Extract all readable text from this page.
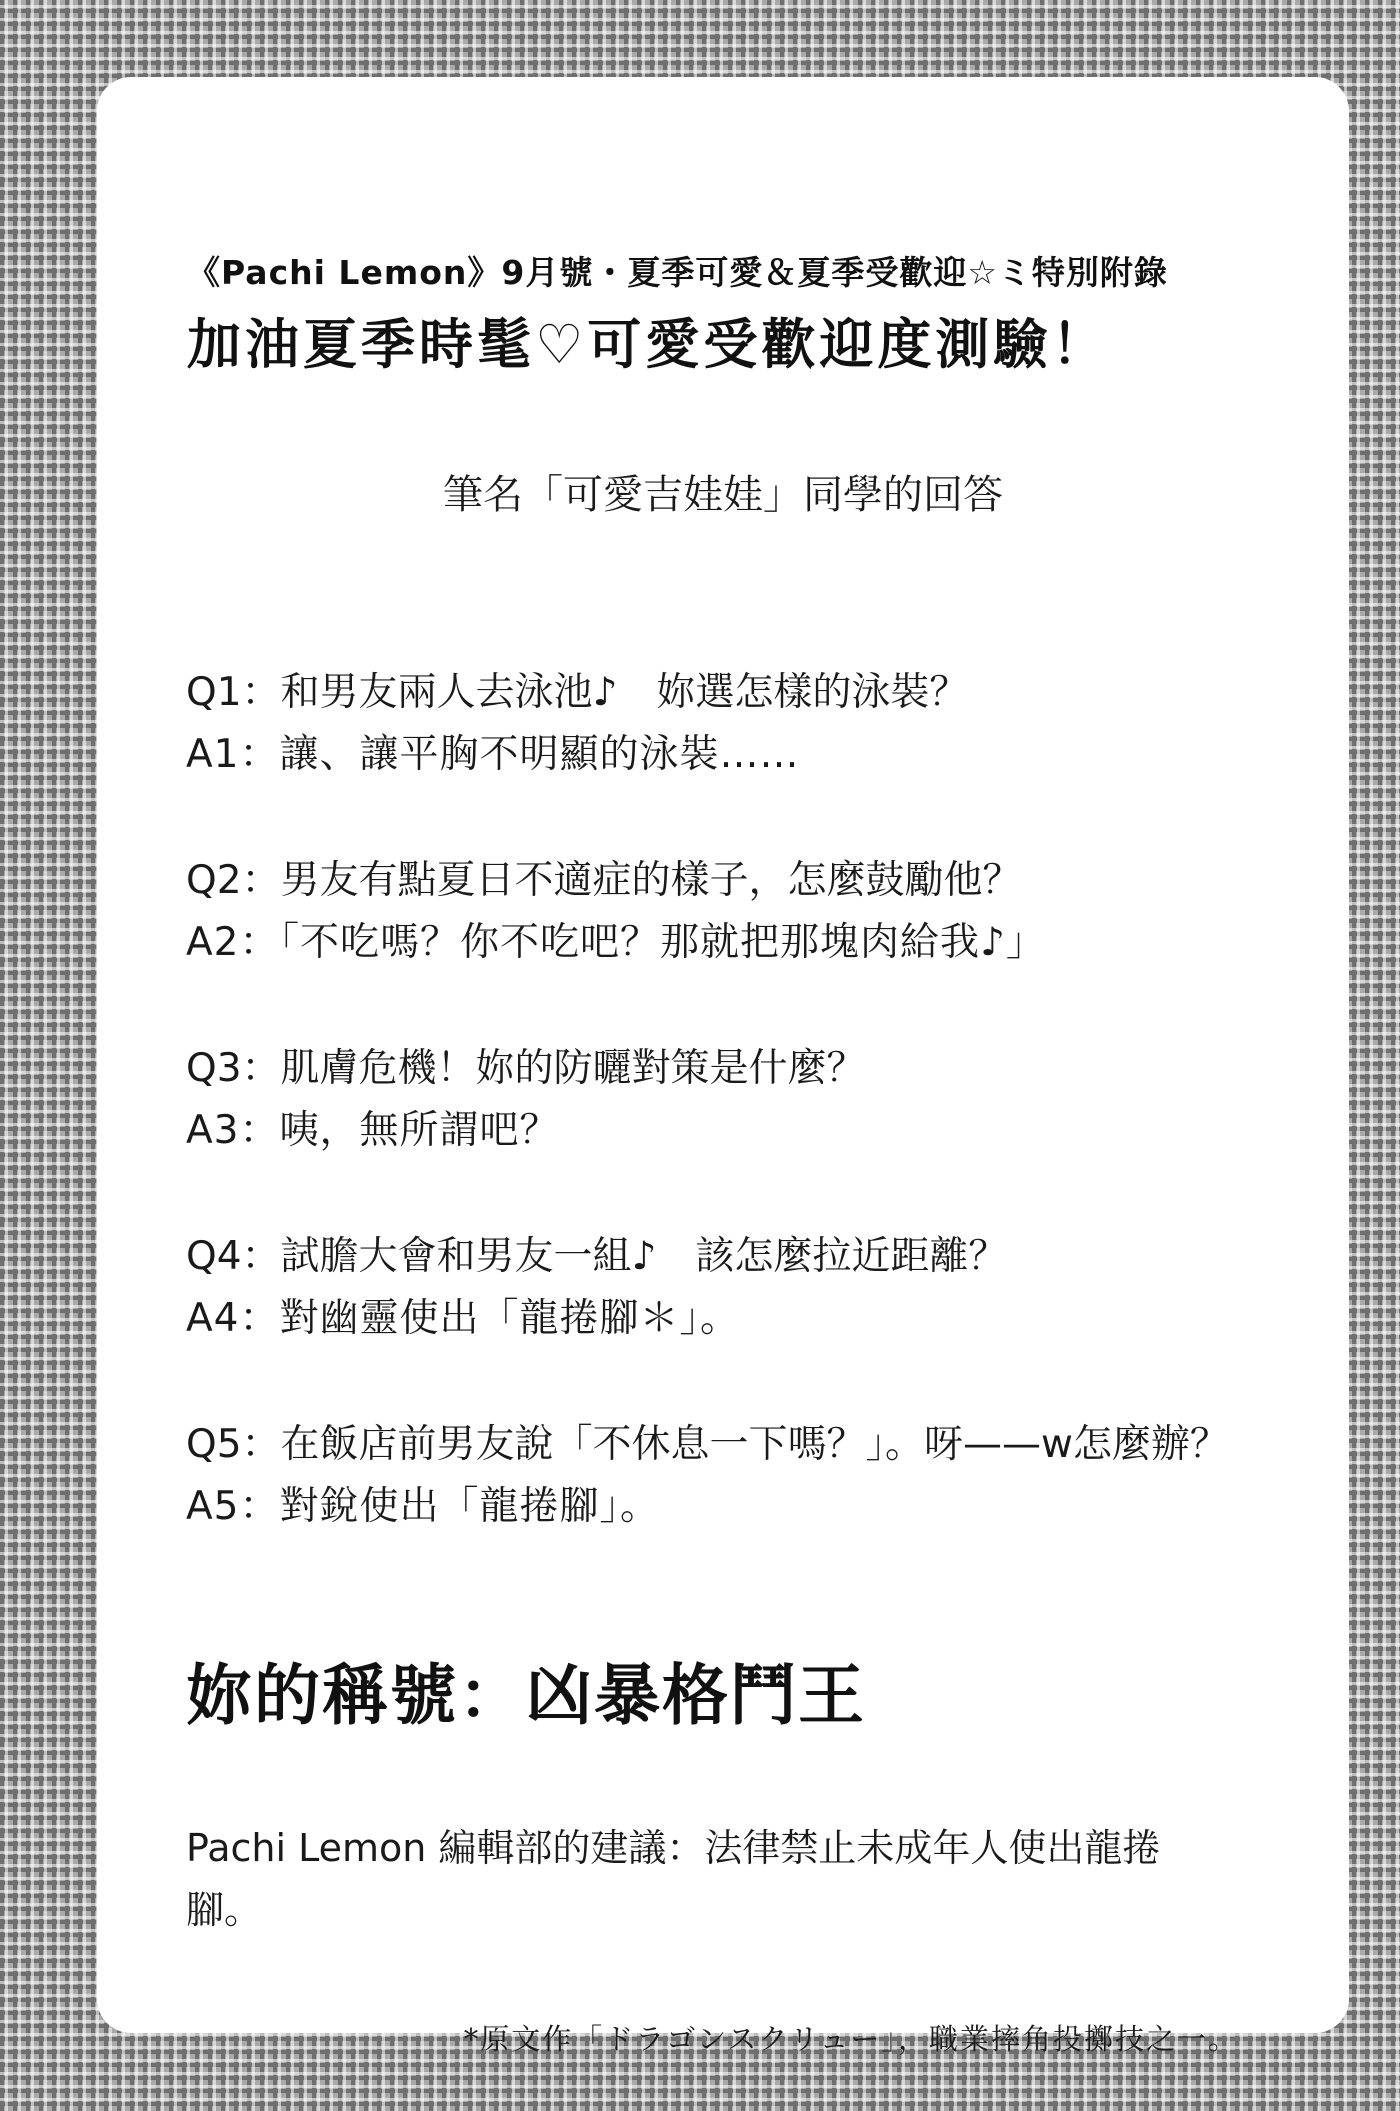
《Pachi Lemon》9月號・夏季可愛＆夏季受歡迎☆ミ特別附錄
加油夏季時髦♡可愛受歡迎度測驗！
筆名「可愛吉娃娃」同學的回答
Q1：和男友兩人去泳池♪　妳選怎樣的泳裝？
A1：讓、讓平胸不明顯的泳裝……
Q2：男友有點夏日不適症的樣子，怎麼鼓勵他？
A2：「不吃嗎？你不吃吧？那就把那塊肉給我♪」
Q3：肌膚危機！妳的防曬對策是什麼？
A3：咦，無所謂吧？
Q4：試膽大會和男友一組♪　該怎麼拉近距離？
A4：對幽靈使出「龍捲腳＊」。
Q5：在飯店前男友說「不休息一下嗎？」。呀——w怎麼辦？
A5：對銳使出「龍捲腳」。
妳的稱號：凶暴格鬥王
Pachi Lemon 編輯部的建議：法律禁止未成年人使出龍捲腳。
*原文作「ドラゴンスクリュー」，職業摔角投擲技之一。
